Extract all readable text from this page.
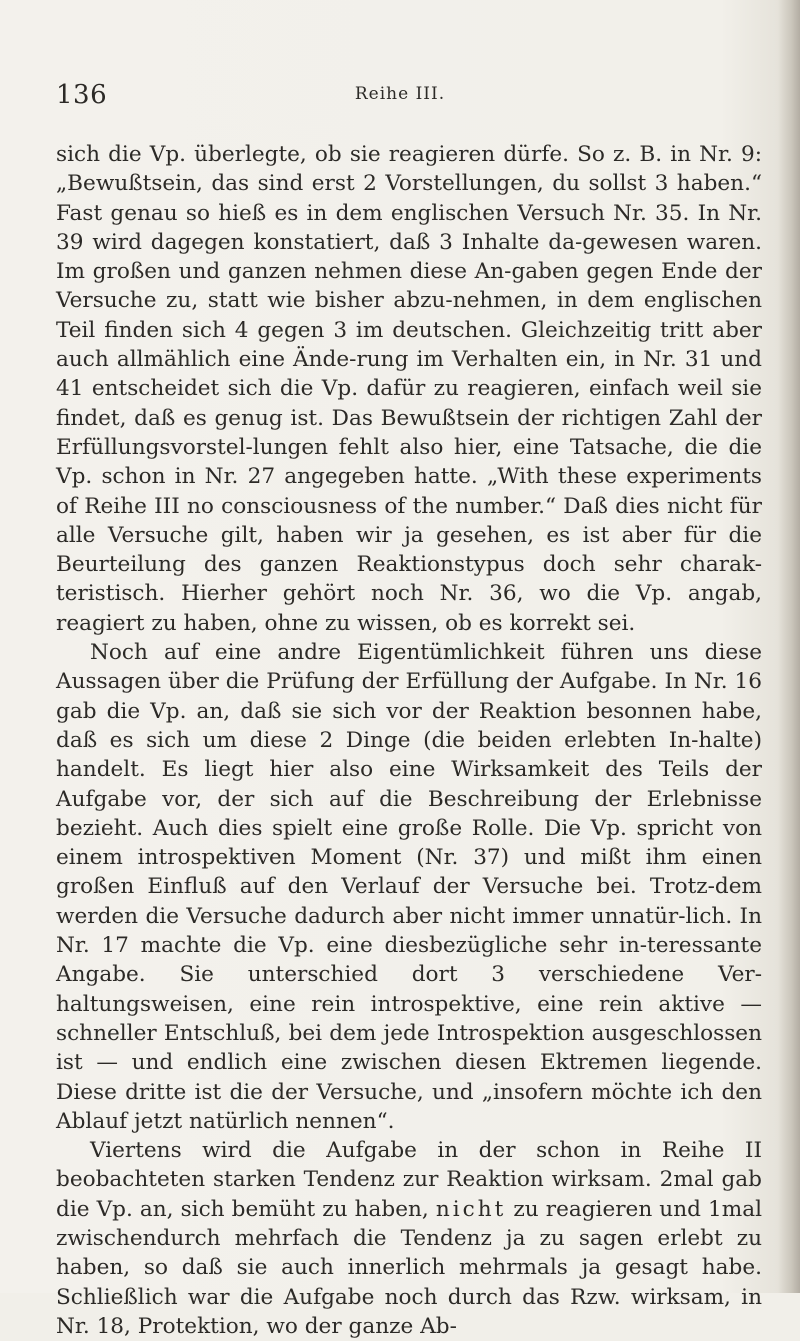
136	Reihe III.

sich die Vp. überlegte, ob sie reagieren dürfe. So z. B. in Nr. 9: „Bewußtsein, das sind erst 2 Vorstellungen, du sollst 3 haben.“ Fast genau so hieß es in dem englischen Versuch Nr. 35. In Nr. 39 wird dagegen konstatiert, daß 3 Inhalte da-gewesen waren. Im großen und ganzen nehmen diese An-gaben gegen Ende der Versuche zu, statt wie bisher abzu-nehmen, in dem englischen Teil finden sich 4 gegen 3 im deutschen. Gleichzeitig tritt aber auch allmählich eine Ände-rung im Verhalten ein, in Nr. 31 und 41 entscheidet sich die Vp. dafür zu reagieren, einfach weil sie findet, daß es genug ist. Das Bewußtsein der richtigen Zahl der Erfüllungsvorstel-lungen fehlt also hier, eine Tatsache, die die Vp. schon in Nr. 27 angegeben hatte. „With these experiments of Reihe III no consciousness of the number.“ Daß dies nicht für alle Versuche gilt, haben wir ja gesehen, es ist aber für die Beurteilung des ganzen Reaktionstypus doch sehr charak-teristisch. Hierher gehört noch Nr. 36, wo die Vp. angab, reagiert zu haben, ohne zu wissen, ob es korrekt sei.

Noch auf eine andre Eigentümlichkeit führen uns diese Aussagen über die Prüfung der Erfüllung der Aufgabe. In Nr. 16 gab die Vp. an, daß sie sich vor der Reaktion besonnen habe, daß es sich um diese 2 Dinge (die beiden erlebten In-halte) handelt. Es liegt hier also eine Wirksamkeit des Teils der Aufgabe vor, der sich auf die Beschreibung der Erlebnisse bezieht. Auch dies spielt eine große Rolle. Die Vp. spricht von einem introspektiven Moment (Nr. 37) und mißt ihm einen großen Einfluß auf den Verlauf der Versuche bei. Trotz-dem werden die Versuche dadurch aber nicht immer unnatür-lich. In Nr. 17 machte die Vp. eine diesbezügliche sehr in-teressante Angabe. Sie unterschied dort 3 verschiedene Ver-haltungsweisen, eine rein introspektive, eine rein aktive — schneller Entschluß, bei dem jede Introspektion ausgeschlossen ist — und endlich eine zwischen diesen Ektremen liegende. Diese dritte ist die der Versuche, und „insofern möchte ich den Ablauf jetzt natürlich nennen“.

Viertens wird die Aufgabe in der schon in Reihe II beobachteten starken Tendenz zur Reaktion wirksam. 2mal gab die Vp. an, sich bemüht zu haben, nicht zu reagieren und 1mal zwischendurch mehrfach die Tendenz ja zu sagen erlebt zu haben, so daß sie auch innerlich mehrmals ja gesagt habe. Schließlich war die Aufgabe noch durch das Rzw. wirksam, in Nr. 18, Protektion, wo der ganze Ab-
